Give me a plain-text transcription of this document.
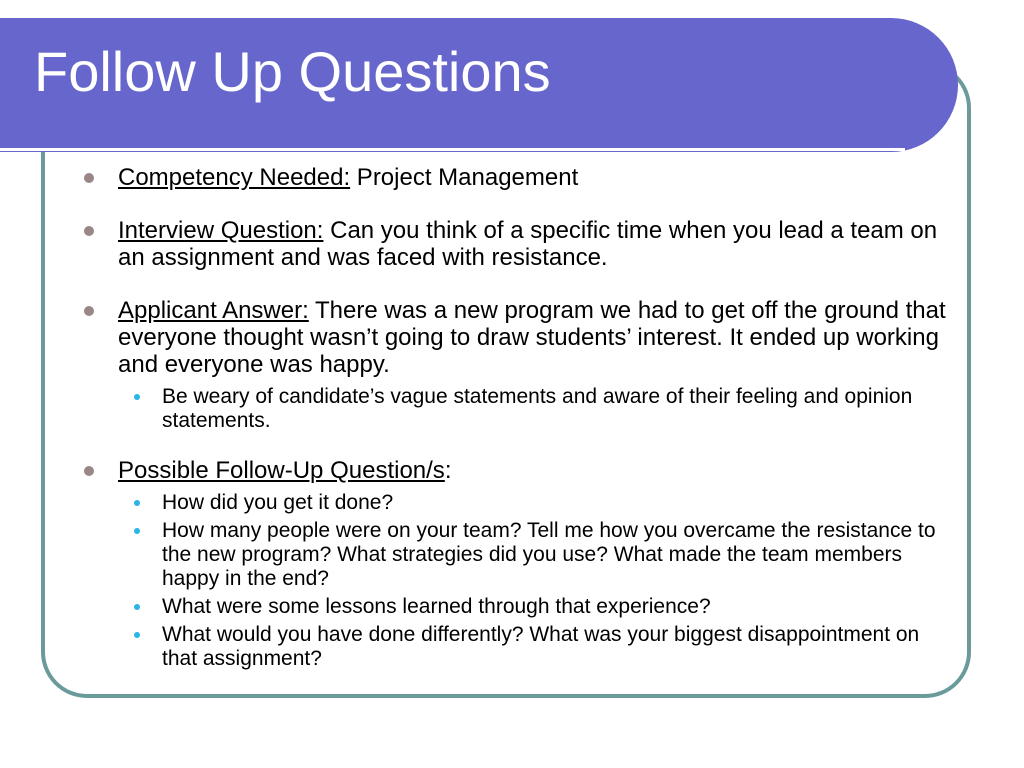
Follow Up Questions
Competency Needed: Project Management
Interview Question: Can you think of a specific time when you lead a team on an assignment and was faced with resistance.
Applicant Answer: There was a new program we had to get off the ground that everyone thought wasn’t going to draw students’ interest. It ended up working and everyone was happy.
Be weary of candidate’s vague statements and aware of their feeling and opinion statements.
Possible Follow-Up Question/s:
How did you get it done?
How many people were on your team? Tell me how you overcame the resistance to the new program? What strategies did you use? What made the team members happy in the end?
What were some lessons learned through that experience?
What would you have done differently? What was your biggest disappointment on that assignment?
